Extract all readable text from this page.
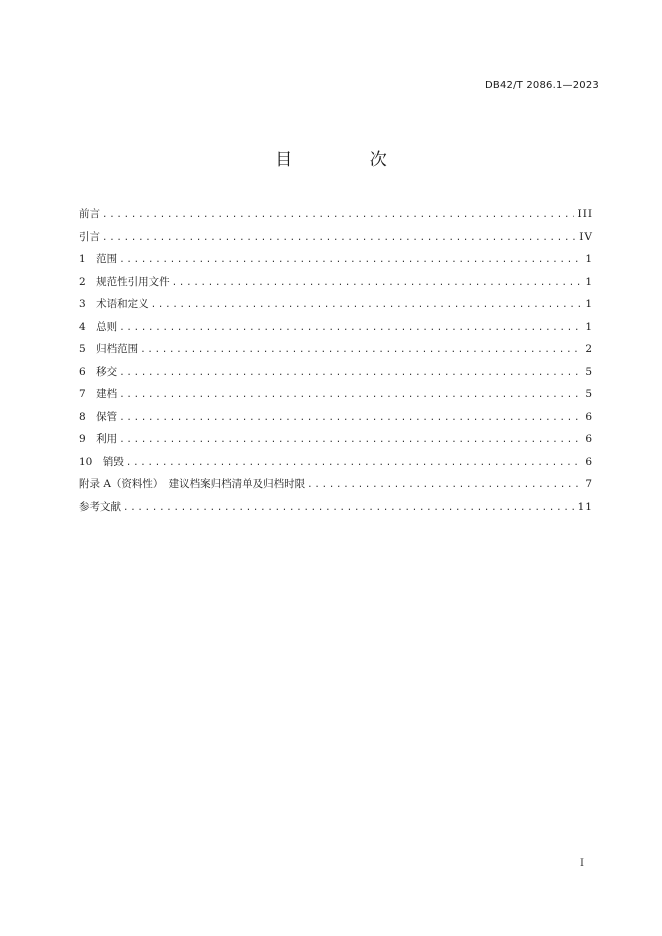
DB42/T 2086.1—2023
目 次
前言 .....	III
引言 .....	IV
1　范围 .....	1
2　规范性引用文件 .....	1
3　术语和定义 .....	1
4　总则 .....	1
5　归档范围 .....	2
6　移交 .....	5
7　建档 .....	5
8　保管 .....	6
9　利用 .....	6
10　销毁 .....	6
附录 A（资料性）　建议档案归档清单及归档时限 .....	7
参考文献 .....	11
I
